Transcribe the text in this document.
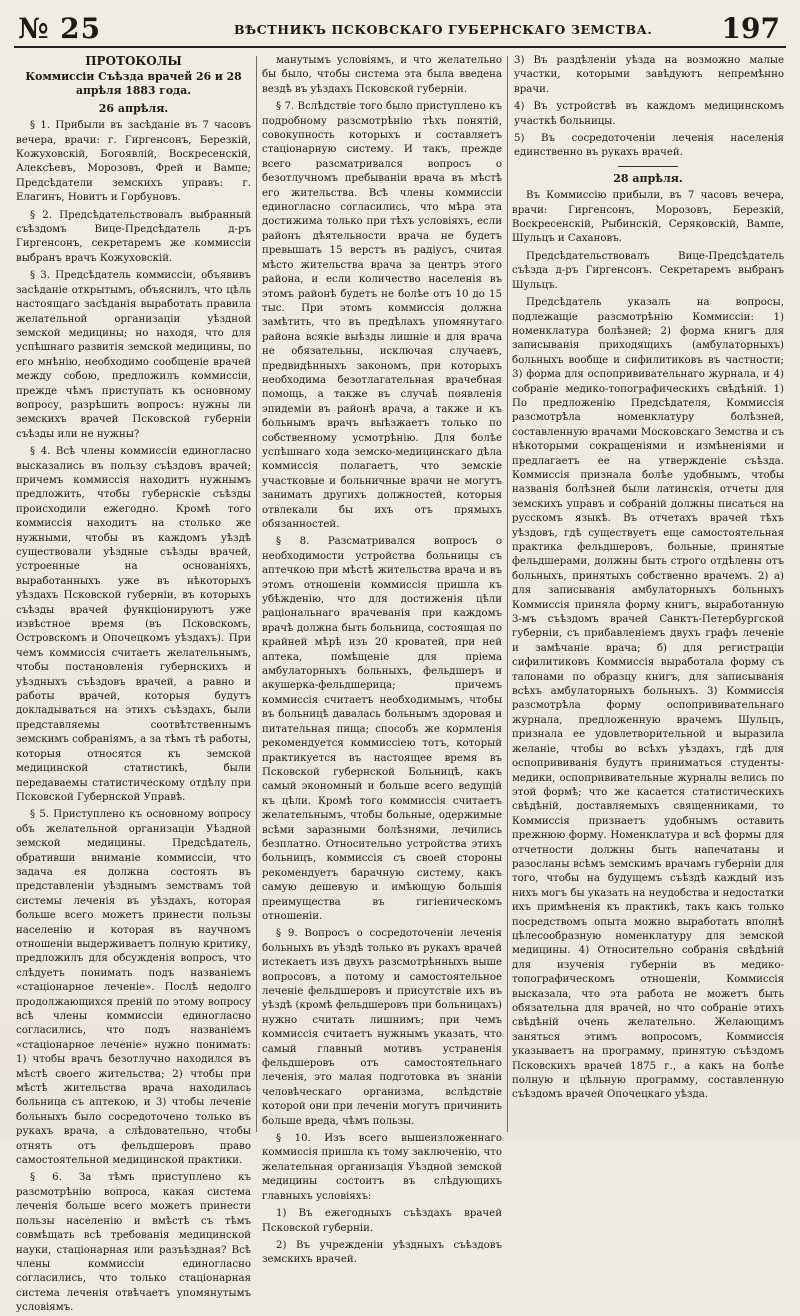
№ 25	ВѢСТНИКЪ ПСКОВСКАГО ГУБЕРНСКАГО ЗЕМСТВА. 197
ПРОТОКОЛЫ
Коммиссіи Съѣзда врачей 26 и 28 апрѣля 1883 года.
26 апрѣля.

§ 1. Прибыли въ засѣданіе въ 7 часовъ вечера, врачи: г. Гиргенсонъ, Березкій, Кожуховскій, Богоявлій, Воскресенскій, Алексѣевъ, Морозовъ, Фрей и Вампе; Предсѣдатели земскихъ управъ: г. Елагинъ, Новитъ и Горбуновъ.

§ 2. Предсѣдательствовалъ выбранный съѣздомъ Вице-Предсѣдатель д-ръ Гиргенсонъ, секретаремъ же коммиссіи выбранъ врачъ Кожуховскій.

§ 3. Предсѣдатель коммиссіи, объявивъ засѣданіе открытымъ, объяснилъ, что цѣль настоящаго засѣданія выработать правила желательной организаціи уѣздной земской медицины; но находя, что для успѣшнаго развитія земской медицины, по его мнѣнію, необходимо сообщеніе врачей между собою, предложилъ коммиссіи, прежде чѣмъ приступать къ основному вопросу, разрѣшить вопросъ: нужны ли земскихъ врачей Псковской губерніи съѣзды или не нужны?

§ 4. Всѣ члены коммиссіи единогласно высказались въ пользу съѣздовъ врачей; причемъ коммиссія находитъ нужнымъ предложить, чтобы губернскіе съѣзды происходили ежегодно. Кромѣ того коммиссія находитъ на столько же нужными, чтобы въ каждомъ уѣздѣ существовали уѣздные съѣзды врачей, устроенные на основаніяхъ, выработанныхъ уже въ нѣкоторыхъ уѣздахъ Псковской губерніи, въ которыхъ съѣзды врачей функціонируютъ уже извѣстное время (въ Псковскомъ, Островскомъ и Опочецкомъ уѣздахъ). При чемъ коммиссія считаетъ желательнымъ, чтобы постановленія губернскихъ и уѣздныхъ съѣздовъ врачей, а равно и работы врачей, которыя будутъ докладываться на этихъ съѣздахъ, были представляемы соотвѣтственнымъ земскимъ собраніямъ, а за тѣмъ тѣ работы, которыя относятся къ земской медицинской статистикѣ, были передаваемы статистическому отдѣлу при Псковской Губернской Управѣ.

§ 5. Приступлено къ основному вопросу объ желательной организаціи Уѣздной земской медицины. Предсѣдатель, обративши вниманіе коммиссіи, что задача ея должна состоять въ представленіи уѣзднымъ земствамъ той системы леченія въ уѣздахъ, которая больше всего можетъ принести пользы населенію и которая въ научномъ отношеніи выдерживаетъ полную критику, предложилъ для обсужденія вопросъ, что слѣдуетъ понимать подъ названіемъ «стаціонарное леченіе». Послѣ недолго продолжающихся преній по этому вопросу всѣ члены коммиссіи единогласно согласились, что подъ названіемъ «стаціонарное леченіе» нужно понимать: 1) чтобы врачъ безотлучно находился въ мѣстѣ своего жительства; 2) чтобы при мѣстѣ жительства врача находилась больница съ аптекою, и 3) чтобы леченіе больныхъ было сосредоточено только въ рукахъ врача, а слѣдовательно, чтобы отнять отъ фельдшеровъ право самостоятельной медицинской практики.

§ 6. За тѣмъ приступлено къ разсмотрѣнію вопроса, какая система леченія больше всего можетъ принести пользы населенію и вмѣстѣ съ тѣмъ совмѣщать всѣ требованія медицинской науки, стаціонарная или разъѣздная? Всѣ члены коммиссіи единогласно согласились, что только стаціонарная система леченія отвѣчаетъ упомянутымъ условіямъ.

манутымъ условіямъ, и что желательно бы было, чтобы система эта была введена вездѣ въ уѣздахъ Псковской губерніи.

§ 7. Вслѣдствіе того было приступлено къ подробному разсмотрѣнію тѣхъ понятій, совокупность которыхъ и составляетъ стаціонарную систему. И такъ, прежде всего разсматривался вопросъ о безотлучномъ пребываніи врача въ мѣстѣ его жительства. Всѣ члены коммиссіи единогласно согласились, что мѣра эта достижима только при тѣхъ условіяхъ, если районъ дѣятельности врача не будетъ превышать 15 верстъ въ радіусъ, считая мѣсто жительства врача за центръ этого района, и если количество населенія въ этомъ районѣ будетъ не болѣе отъ 10 до 15 тыс. При этомъ коммиссія должна замѣтить, что въ предѣлахъ упомянутаго района всякіе выѣзды лишніе и для врача не обязательны, исключая случаевъ, предвидѣнныхъ закономъ, при которыхъ необходима безотлагательная врачебная помощь, а также въ случаѣ появленія эпидеміи въ районѣ врача, а также и къ больнымъ врачъ выѣзжаетъ только по собственному усмотрѣнію. Для болѣе успѣшнаго хода земско-медицинскаго дѣла коммиссія полагаетъ, что земскіе участковые и больничные врачи не могутъ занимать другихъ должностей, которыя отвлекали бы ихъ отъ прямыхъ обязанностей.

§ 8. Разсматривался вопросъ о необходимости устройства больницы съ аптечкою при мѣстѣ жительства врача и въ этомъ отношеніи коммиссія пришла къ убѣжденію, что для достиженія цѣли раціональнаго врачеванія при каждомъ врачѣ должна быть больница, состоящая по крайней мѣрѣ изъ 20 кроватей, при ней аптека, помѣщеніе для пріема амбулаторныхъ больныхъ, фельдшеръ и акушерка-фельдшерица; причемъ коммиссія считаетъ необходимымъ, чтобы въ больницѣ давалась больнымъ здоровая и питательная пища; способъ же кормленія рекомендуется коммиссіею тотъ, который практикуется въ настоящее время въ Псковской губернской Больницѣ, какъ самый экономный и больше всего ведущій къ цѣли. Кромѣ того коммиссія считаетъ желательнымъ, чтобы больные, одержимые всѣми заразными болѣзнями, лечились безплатно. Относительно устройства этихъ больницъ, коммиссія съ своей стороны рекомендуетъ барачную систему, какъ самую дешевую и имѣющую большія преимущества въ гигіеническомъ отношеніи.

§ 9. Вопросъ о сосредоточеніи леченія больныхъ въ уѣздѣ только въ рукахъ врачей истекаетъ изъ двухъ разсмотрѣнныхъ выше вопросовъ, а потому и самостоятельное леченіе фельдшеровъ и присутствіе ихъ въ уѣздѣ (кромѣ фельдшеровъ при больницахъ) нужно считать лишнимъ; при чемъ коммиссія считаетъ нужнымъ указать, что самый главный мотивъ устраненія фельдшеровъ отъ самостоятельнаго леченія, это малая подготовка въ знаніи человѣческаго организма, вслѣдствіе которой они при леченіи могутъ причинить больше вреда, чѣмъ пользы.

§ 10. Изъ всего вышеизложеннаго коммиссія пришла къ тому заключенію, что желательная организація Уѣздной земской медицины состоитъ въ слѣдующихъ главныхъ условіяхъ:

1) Въ ежегодныхъ съѣздахъ врачей Псковской губерніи.

2) Въ учрежденіи уѣздныхъ съѣздовъ земскихъ врачей.

3) Въ раздѣленіи уѣзда на возможно малые участки, которыми завѣдуютъ непремѣнно врачи.

4) Въ устройствѣ въ каждомъ медицинскомъ участкѣ больницы.

5) Въ сосредоточеніи леченія населенія единственно въ рукахъ врачей.

28 апрѣля.

Въ Коммиссію прибыли, въ 7 часовъ вечера, врачи: Гиргенсонъ, Морозовъ, Березкій, Воскресенскій, Рыбинскій, Серяковскій, Вампе, Шульцъ и Сахановъ.

Предсѣдательствовалъ Вице-Предсѣдатель съѣзда д-ръ Гиргенсонъ. Секретаремъ выбранъ Шульцъ.

Предсѣдатель указалъ на вопросы, подлежащіе разсмотрѣнію Коммиссіи: 1) номенклатура болѣзней; 2) форма книгъ для записыванія приходящихъ (амбулаторныхъ) больныхъ вообще и сифилитиковъ въ частности; 3) форма для оспопрививательнаго журнала, и 4) собраніе медико-топографическихъ свѣдѣній. 1) По предложенію Предсѣдателя, Коммиссія разсмотрѣла номенклатуру болѣзней, составленную врачами Московскаго Земства и съ нѣкоторыми сокращеніями и измѣненіями и предлагаетъ ее на утвержденіе съѣзда. Коммиссія признала болѣе удобнымъ, чтобы названія болѣзней были латинскія, отчеты для земскихъ управъ и собраній должны писаться на русскомъ языкѣ. Въ отчетахъ врачей тѣхъ уѣздовъ, гдѣ существуетъ еще самостоятельная практика фельдшеровъ, больные, принятые фельдшерами, должны быть строго отдѣлены отъ больныхъ, принятыхъ собственно врачемъ. 2) а) для записыванія амбулаторныхъ больныхъ Коммиссія приняла форму книгъ, выработанную 3-мъ съѣздомъ врачей Санктъ-Петербургской губерніи, съ прибавленіемъ двухъ графъ леченіе и замѣчаніе врача; б) для регистраціи сифилитиковъ Коммиссія выработала форму съ талонами по образцу книгъ, для записыванія всѣхъ амбулаторныхъ больныхъ. 3) Коммиссія разсмотрѣла форму оспопрививательнаго журнала, предложенную врачемъ Шульцъ, признала ее удовлетворительной и выразила желаніе, чтобы во всѣхъ уѣздахъ, гдѣ для оспопрививанія будутъ приниматься студенты-медики, оспопрививательные журналы велись по этой формѣ; что же касается статистическихъ свѣдѣній, доставляемыхъ священниками, то Коммиссія признаетъ удобнымъ оставить прежнюю форму. Номенклатура и всѣ формы для отчетности должны быть напечатаны и разосланы всѣмъ земскимъ врачамъ губерніи для того, чтобы на будущемъ съѣздѣ каждый изъ нихъ могъ бы указать на неудобства и недостатки ихъ примѣненія къ практикѣ, такъ какъ только посредствомъ опыта можно выработать вполнѣ цѣлесообразную номенклатуру для земской медицины. 4) Относительно собранія свѣдѣній для изученія губерніи въ медико-топографическомъ отношеніи, Коммиссія высказала, что эта работа не можетъ быть обязательна для врачей, но что собраніе этихъ свѣдѣній очень желательно. Желающимъ заняться этимъ вопросомъ, Коммиссія указываетъ на программу, принятую съѣздомъ Псковскихъ врачей 1875 г., а какъ на болѣе полную и цѣльную программу, составленную съѣздомъ врачей Опочецкаго уѣзда.
